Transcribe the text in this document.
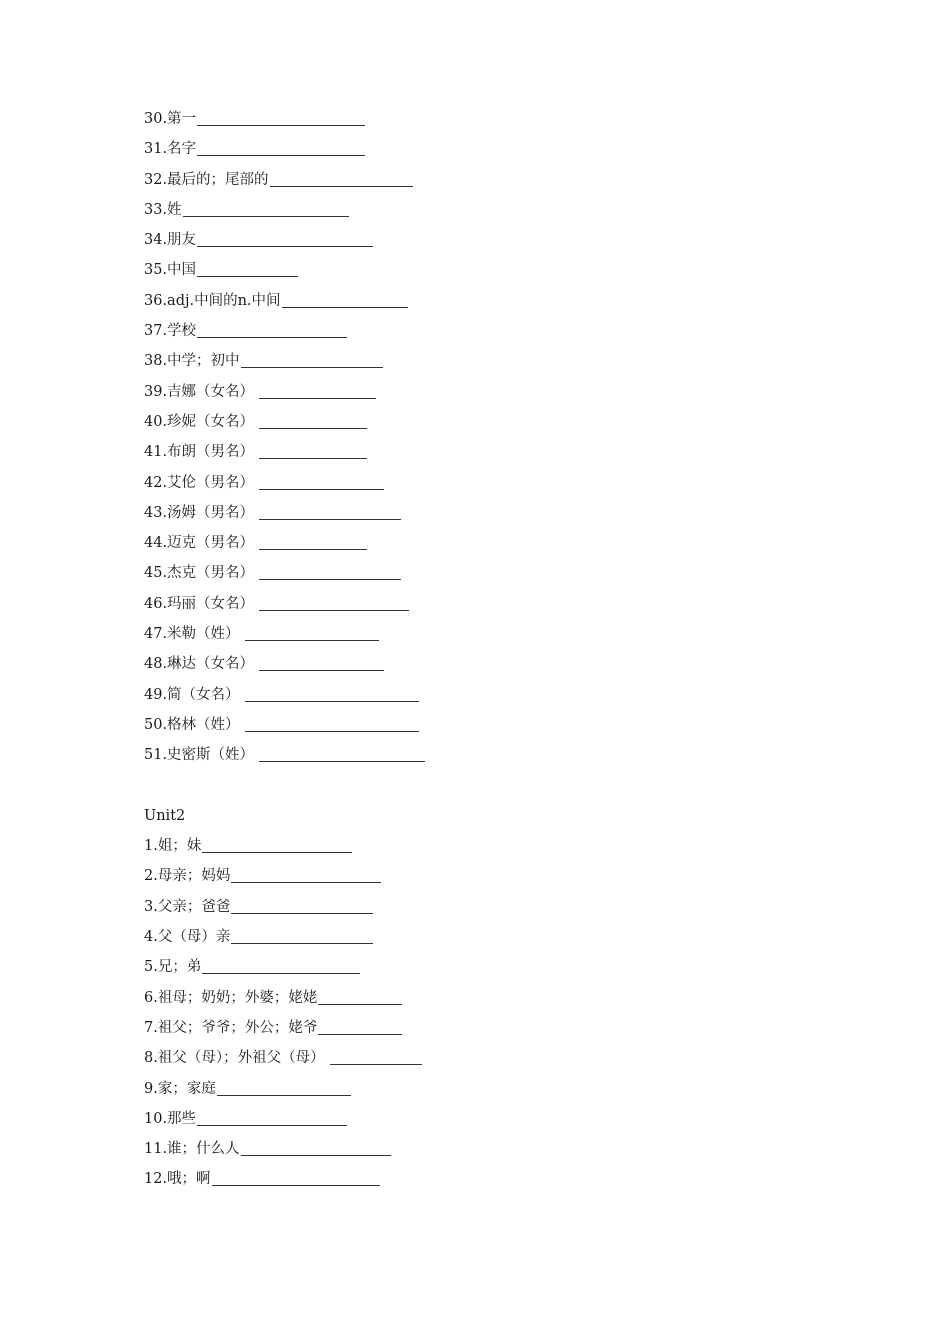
30.第一
31.名字
32.最后的；尾部的
33.姓
34.朋友
35.中国
36.adj.中间的n.中间
37.学校
38.中学；初中
39.吉娜（女名）
40.珍妮（女名）
41.布朗（男名）
42.艾伦（男名）
43.汤姆（男名）
44.迈克（男名）
45.杰克（男名）
46.玛丽（女名）
47.米勒（姓）
48.琳达（女名）
49.简（女名）
50.格林（姓）
51.史密斯（姓）
Unit2
1.姐；妹
2.母亲；妈妈
3.父亲；爸爸
4.父（母）亲
5.兄；弟
6.祖母；奶奶；外婆；姥姥
7.祖父；爷爷；外公；姥爷
8.祖父（母）；外祖父（母）
9.家；家庭
10.那些
11.谁；什么人
12.哦；啊
